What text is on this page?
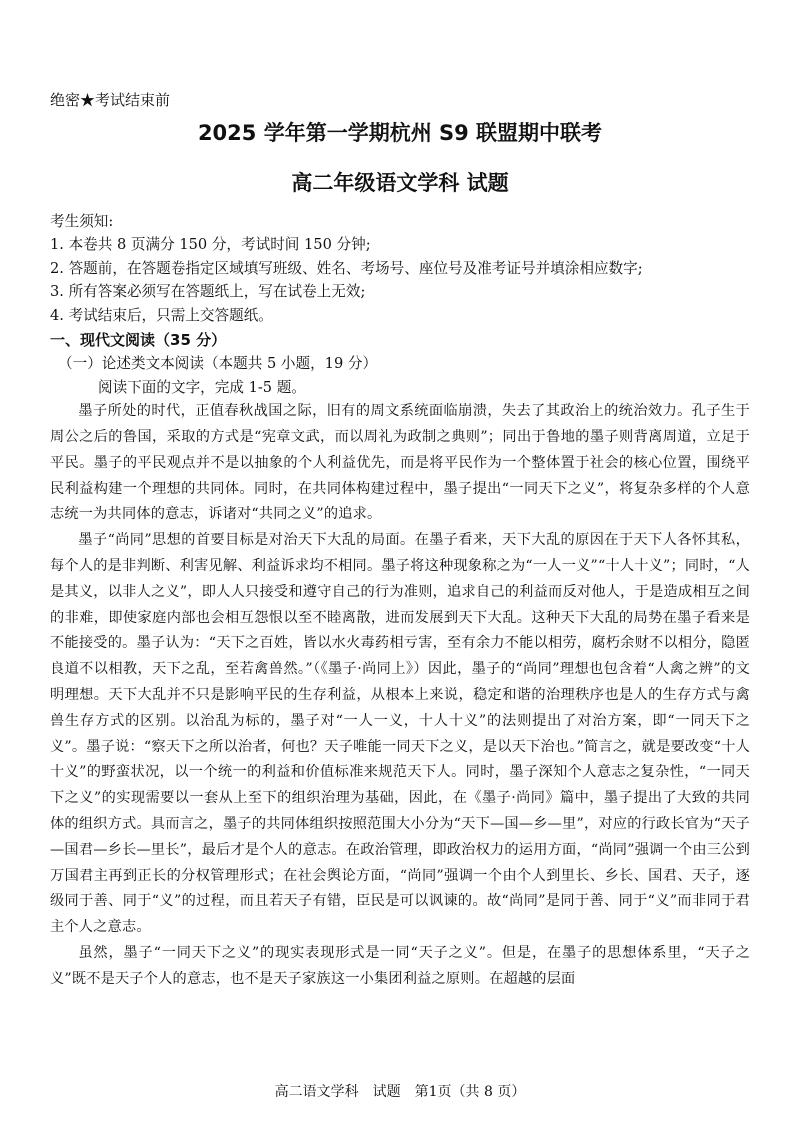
绝密★考试结束前
2025 学年第一学期杭州 S9 联盟期中联考
高二年级语文学科 试题
考生须知:
1. 本卷共 8 页满分 150 分，考试时间 150 分钟;
2. 答题前，在答题卷指定区域填写班级、姓名、考场号、座位号及准考证号并填涂相应数字;
3. 所有答案必须写在答题纸上，写在试卷上无效;
4. 考试结束后，只需上交答题纸。
一、现代文阅读（35 分）
（一）论述类文本阅读（本题共 5 小题，19 分）
阅读下面的文字，完成 1-5 题。

墨子所处的时代，正值春秋战国之际，旧有的周文系统面临崩溃，失去了其政治上的统治效力。孔子生于周公之后的鲁国，采取的方式是“宪章文武，而以周礼为政制之典则”；同出于鲁地的墨子则背离周道，立足于平民。墨子的平民观点并不是以抽象的个人利益优先，而是将平民作为一个整体置于社会的核心位置，围绕平民利益构建一个理想的共同体。同时，在共同体构建过程中，墨子提出“一同天下之义”，将复杂多样的个人意志统一为共同体的意志，诉诸对“共同之义”的追求。

墨子“尚同”思想的首要目标是对治天下大乱的局面。在墨子看来，天下大乱的原因在于天下人各怀其私，每个人的是非判断、利害见解、利益诉求均不相同。墨子将这种现象称之为“一人一义”“十人十义”；同时，“人是其义，以非人之义”，即人人只接受和遵守自己的行为准则，追求自己的利益而反对他人，于是造成相互之间的非难，即使家庭内部也会相互怨恨以至不睦离散，进而发展到天下大乱。这种天下大乱的局势在墨子看来是不能接受的。墨子认为：“天下之百姓，皆以水火毒药相亏害，至有余力不能以相劳，腐朽余财不以相分，隐匿良道不以相教，天下之乱，至若禽兽然。”（《墨子·尚同上》）因此，墨子的“尚同”理想也包含着“人禽之辨”的文明理想。天下大乱并不只是影响平民的生存利益，从根本上来说，稳定和谐的治理秩序也是人的生存方式与禽兽生存方式的区别。以治乱为标的，墨子对“一人一义，十人十义”的法则提出了对治方案，即“一同天下之义”。墨子说：“察天下之所以治者，何也？天子唯能一同天下之义，是以天下治也。”简言之，就是要改变“十人十义”的野蛮状况，以一个统一的利益和价值标准来规范天下人。同时，墨子深知个人意志之复杂性，“一同天下之义”的实现需要以一套从上至下的组织治理为基础，因此，在《墨子·尚同》篇中，墨子提出了大致的共同体的组织方式。具而言之，墨子的共同体组织按照范围大小分为“天下—国—乡—里”，对应的行政长官为“天子—国君—乡长—里长”，最后才是个人的意志。在政治管理，即政治权力的运用方面，“尚同”强调一个由三公到万国君主再到正长的分权管理形式；在社会舆论方面，“尚同”强调一个由个人到里长、乡长、国君、天子，逐级同于善、同于“义”的过程，而且若天子有错，臣民是可以讽谏的。故“尚同”是同于善、同于“义”而非同于君主个人之意志。

虽然，墨子“一同天下之义”的现实表现形式是一同“天子之义”。但是，在墨子的思想体系里，“天子之义”既不是天子个人的意志，也不是天子家族这一小集团利益之原则。在超越的层面

高二语文学科　试题　第1页（共 8 页）
